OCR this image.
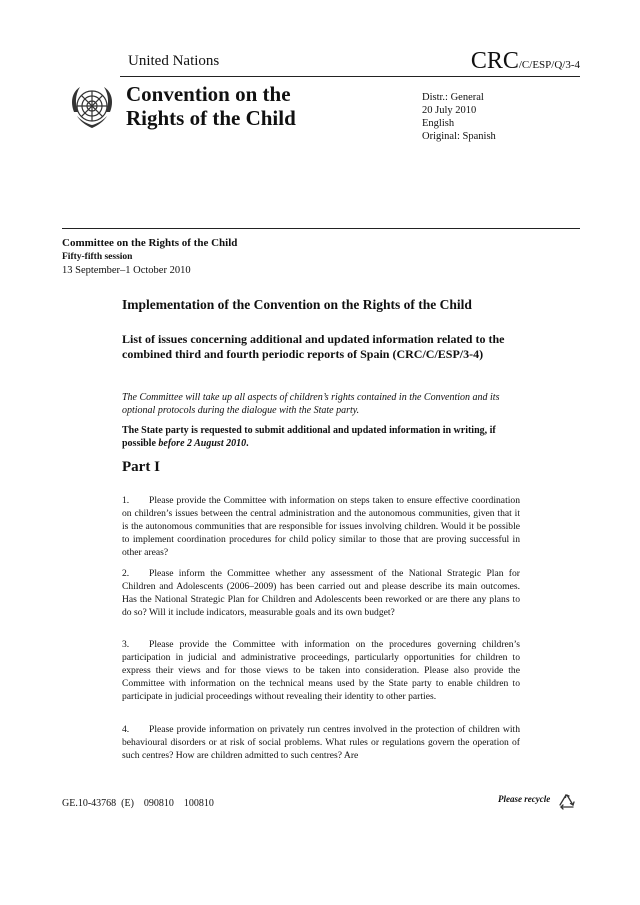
United Nations	CRC/C/ESP/Q/3-4
Convention on the
Rights of the Child
Distr.: General
20 July 2010
English
Original: Spanish
Committee on the Rights of the Child
Fifty-fifth session
13 September–1 October 2010
Implementation of the Convention on the Rights of the Child
List of issues concerning additional and updated information related to the combined third and fourth periodic reports of Spain (CRC/C/ESP/3-4)
The Committee will take up all aspects of children’s rights contained in the Convention and its optional protocols during the dialogue with the State party.
The State party is requested to submit additional and updated information in writing, if possible before 2 August 2010.
Part I
1. Please provide the Committee with information on steps taken to ensure effective coordination on children’s issues between the central administration and the autonomous communities, given that it is the autonomous communities that are responsible for issues involving children. Would it be possible to implement coordination procedures for child policy similar to those that are proving successful in other areas?
2. Please inform the Committee whether any assessment of the National Strategic Plan for Children and Adolescents (2006–2009) has been carried out and please describe its main outcomes. Has the National Strategic Plan for Children and Adolescents been reworked or are there any plans to do so? Will it include indicators, measurable goals and its own budget?
3. Please provide the Committee with information on the procedures governing children’s participation in judicial and administrative proceedings, particularly opportunities for children to express their views and for those views to be taken into consideration. Please also provide the Committee with information on the technical means used by the State party to enable children to participate in judicial proceedings without revealing their identity to other parties.
4. Please provide information on privately run centres involved in the protection of children with behavioural disorders or at risk of social problems. What rules or regulations govern the operation of such centres? How are children admitted to such centres? Are
GE.10-43768  (E)    090810    100810	Please recycle
